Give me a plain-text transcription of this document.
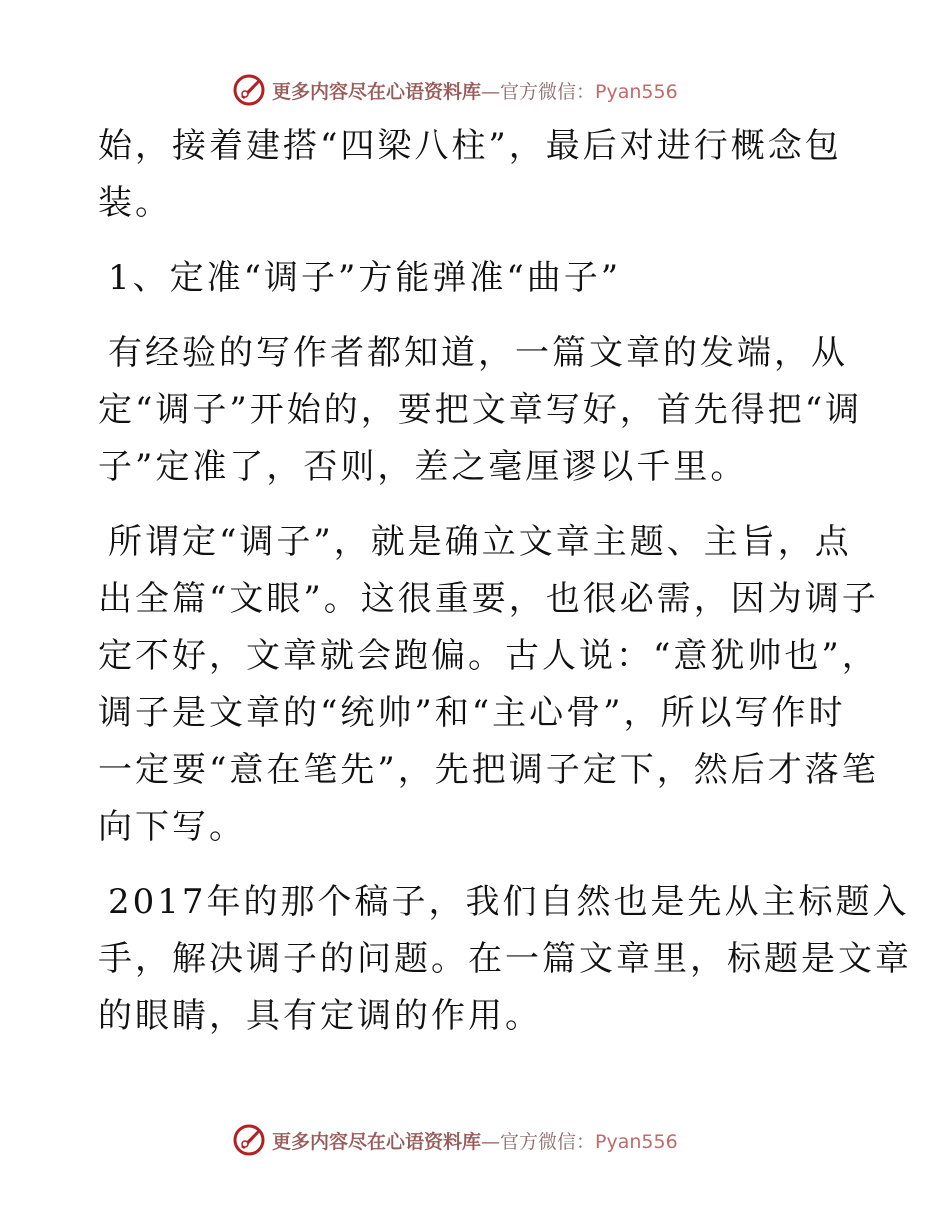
更多内容尽在心语资料库—官方微信：Pyan556

始，接着建搭“四梁八柱”，最后对进行概念包

装。

1、定准“调子”方能弹准“曲子”

有经验的写作者都知道，一篇文章的发端，从

定“调子”开始的，要把文章写好，首先得把“调

子”定准了，否则，差之毫厘谬以千里。

所谓定“调子”，就是确立文章主题、主旨，点

出全篇“文眼”。这很重要，也很必需，因为调子

定不好，文章就会跑偏。古人说：“意犹帅也”，

调子是文章的“统帅”和“主心骨”，所以写作时

一定要“意在笔先”，先把调子定下，然后才落笔

向下写。

2017年的那个稿子，我们自然也是先从主标题入

手，解决调子的问题。在一篇文章里，标题是文章

的眼睛，具有定调的作用。

更多内容尽在心语资料库—官方微信：Pyan556
